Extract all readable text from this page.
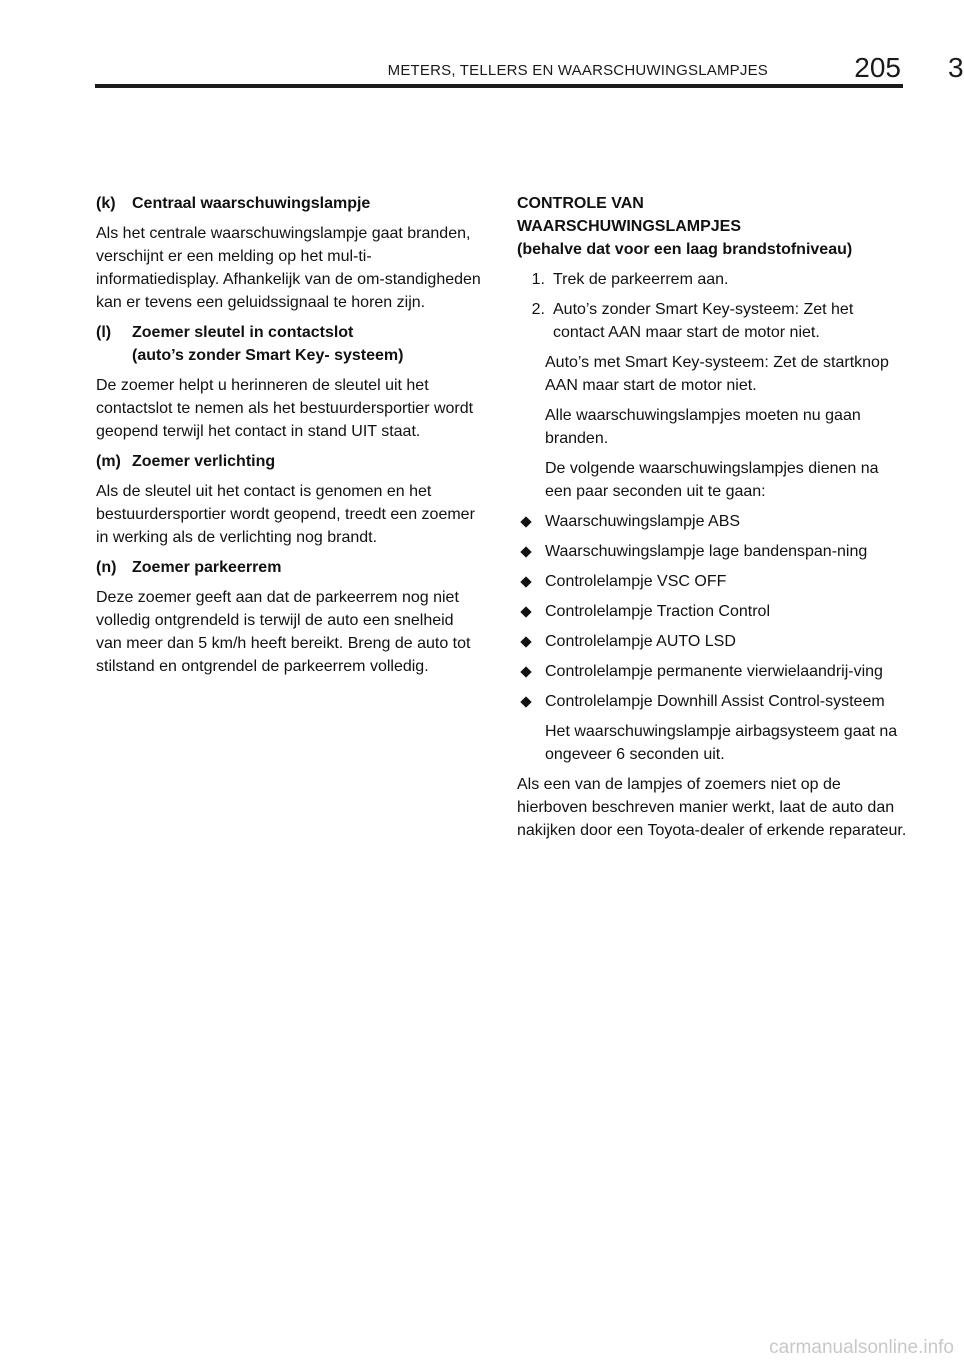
METERS, TELLERS EN WAARSCHUWINGSLAMPJES	205 3
(k)	Centraal waarschuwingslampje

Als het centrale waarschuwingslampje gaat branden, verschijnt er een melding op het mul-ti-informatiedisplay. Afhankelijk van de om-standigheden kan er tevens een geluidssignaal te horen zijn.

(l)	Zoemer sleutel in contactslot
(auto’s zonder Smart Key- systeem)

De zoemer helpt u herinneren de sleutel uit het contactslot te nemen als het bestuurdersportier wordt geopend terwijl het contact in stand UIT staat.

(m) Zoemer verlichting

Als de sleutel uit het contact is genomen en het bestuurdersportier wordt geopend, treedt een zoemer in werking als de verlichting nog brandt.

(n) Zoemer parkeerrem

Deze zoemer geeft aan dat de parkeerrem nog niet volledig ontgrendeld is terwijl de auto een snelheid van meer dan 5 km/h heeft bereikt. Breng de auto tot stilstand en ontgrendel de parkeerrem volledig.

CONTROLE VAN
WAARSCHUWINGSLAMPJES
(behalve dat voor een laag brandstofniveau)

1. Trek de parkeerrem aan.
2. Auto’s zonder Smart Key-systeem: Zet het contact AAN maar start de motor niet.

Auto’s met Smart Key-systeem: Zet de startknop AAN maar start de motor niet.

Alle waarschuwingslampjes moeten nu gaan branden.

De volgende waarschuwingslampjes dienen na een paar seconden uit te gaan:

Waarschuwingslampje ABS
Waarschuwingslampje lage bandenspan-ning
Controlelampje VSC OFF
Controlelampje Traction Control
Controlelampje AUTO LSD
Controlelampje permanente vierwielaandrij-ving
Controlelampje Downhill Assist Control-systeem

Het waarschuwingslampje airbagsysteem gaat na ongeveer 6 seconden uit.

Als een van de lampjes of zoemers niet op de hierboven beschreven manier werkt, laat de auto dan nakijken door een Toyota-dealer of erkende reparateur.

carmanualsonline.info
